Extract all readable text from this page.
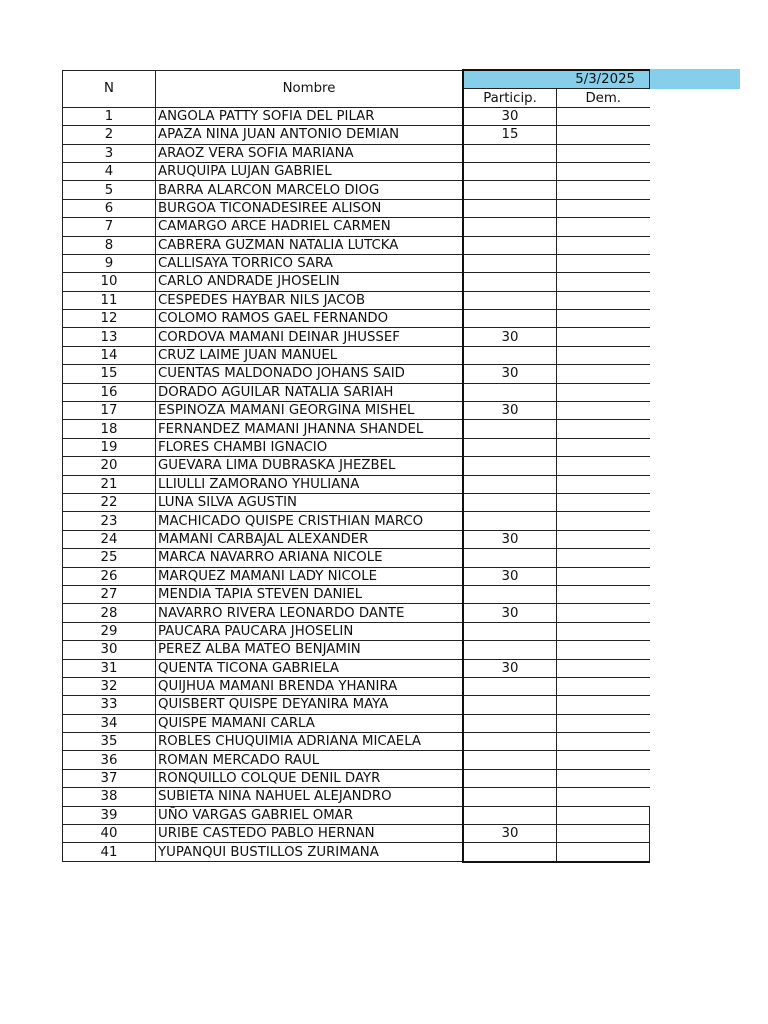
N	Nombre	5/3/2025	
		Particip.	Dem.
1	ANGOLA PATTY SOFIA DEL PILAR	30	
2	APAZA NINA JUAN ANTONIO DEMIAN	15	
3	ARAOZ VERA SOFIA MARIANA		
4	ARUQUIPA LUJAN GABRIEL		
5	BARRA ALARCON MARCELO DIOG		
6	BURGOA TICONADESIREE ALISON		
7	CAMARGO ARCE HADRIEL CARMEN		
8	CABRERA GUZMAN NATALIA LUTCKA		
9	CALLISAYA TORRICO SARA		
10	CARLO ANDRADE JHOSELIN		
11	CESPEDES HAYBAR NILS JACOB		
12	COLOMO RAMOS GAEL FERNANDO		
13	CORDOVA MAMANI DEINAR JHUSSEF	30	
14	CRUZ LAIME JUAN MANUEL		
15	CUENTAS MALDONADO JOHANS SAID	30	
16	DORADO AGUILAR NATALIA SARIAH		
17	ESPINOZA MAMANI GEORGINA MISHEL	30	
18	FERNANDEZ MAMANI JHANNA SHANDEL		
19	FLORES CHAMBI IGNACIO		
20	GUEVARA LIMA DUBRASKA JHEZBEL		
21	LLIULLI ZAMORANO YHULIANA		
22	LUNA SILVA AGUSTIN		
23	MACHICADO QUISPE CRISTHIAN MARCO		
24	MAMANI CARBAJAL ALEXANDER	30	
25	MARCA NAVARRO ARIANA NICOLE		
26	MARQUEZ MAMANI LADY NICOLE	30	
27	MENDIA TAPIA STEVEN DANIEL		
28	NAVARRO RIVERA LEONARDO DANTE	30	
29	PAUCARA PAUCARA JHOSELIN		
30	PEREZ ALBA MATEO BENJAMIN		
31	QUENTA TICONA GABRIELA	30	
32	QUIJHUA MAMANI BRENDA YHANIRA		
33	QUISBERT QUISPE DEYANIRA MAYA		
34	QUISPE MAMANI CARLA		
35	ROBLES CHUQUIMIA ADRIANA MICAELA		
36	ROMAN MERCADO RAUL		
37	RONQUILLO COLQUE DENIL DAYR		
38	SUBIETA NINA NAHUEL ALEJANDRO		
39	UÑO VARGAS GABRIEL OMAR		
40	URIBE CASTEDO PABLO HERNAN	30	
41	YUPANQUI BUSTILLOS ZURIMANA		
